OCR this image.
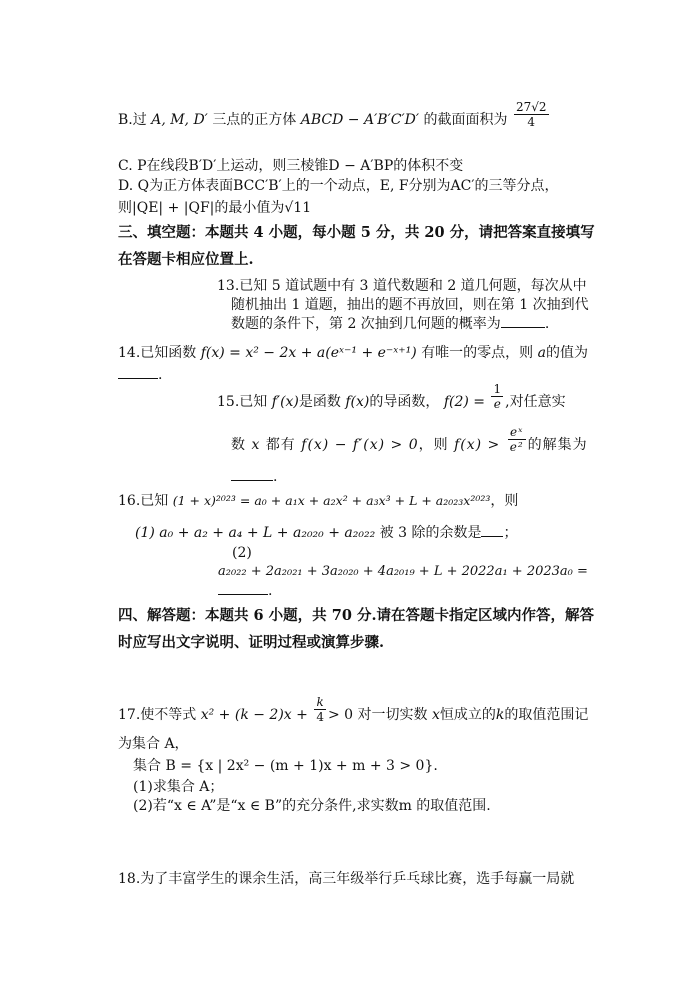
B.过 A, M, D′ 三点的正方体 ABCD − A′B′C′D′ 的截面面积为 $\frac{27√2}{4}$
C. P在线段B′D′上运动，则三棱锥D − A′BP的体积不变
D. Q为正方体表面BCC′B′上的一个动点，E, F分别为AC′的三等分点，
则|QE| + |QF|的最小值为√11
三、填空题：本题共 4 小题，每小题 5 分，共 20 分，请把答案直接填写
在答题卡相应位置上.
13.已知 5 道试题中有 3 道代数题和 2 道几何题，每次从中
随机抽出 1 道题，抽出的题不再放回，则在第 1 次抽到代
数题的条件下，第 2 次抽到几何题的概率为	.
14.已知函数 f(x) = x² − 2x + a(eˣ⁻¹ + e⁻ˣ⁺¹) 有唯一的零点，则 a的值为
.
15.已知 f′(x)是函数 f(x)的导函数， $f(2) = \frac{1}{e}$ ,对任意实
数 x 都有 f(x) − f′(x) > 0，则 $f(x) > \frac{\text{eˣ}}{\text{e²}}$ 的解集为
.
16.已知 (1 + x)²⁰²³ = a₀ + a₁x + a₂x² + a₃x³ + L + a₂₀₂₃x²⁰²³，则
(1) a₀ + a₂ + a₄ + L + a₂₀₂₀ + a₂₀₂₂ 被 3 除的余数是 ；
(2)
a₂₀₂₂ + 2a₂₀₂₁ + 3a₂₀₂₀ + 4a₂₀₁₉ + L + 2022a₁ + 2023a₀ =
.
四、解答题：本题共 6 小题，共 70 分.请在答题卡指定区域内作答，解答
时应写出文字说明、证明过程或演算步骤.
17.使不等式 $x^2 + (k - 2)x + \frac{k}{4} > 0$ 对一切实数 x恒成立的k的取值范围记
为集合 A，
集合 B = {x | 2x² − (m + 1)x + m + 3 > 0}.
(1)求集合 A；
(2)若“x ∈ A”是“x ∈ B”的充分条件,求实数m 的取值范围.
18.为了丰富学生的课余生活，高三年级举行乒乓球比赛，选手每赢一局就
